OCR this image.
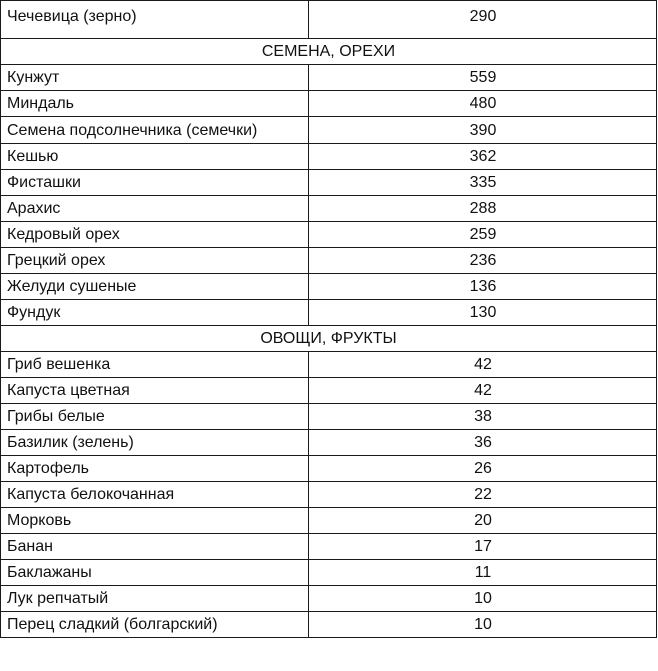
Чечевица (зерно)	290
СЕМЕНА, ОРЕХИ	
Кунжут	559
Миндаль	480
Семена подсолнечника (семечки)	390
Кешью	362
Фисташки	335
Арахис	288
Кедровый орех	259
Грецкий орех	236
Желуди сушеные	136
Фундук	130
ОВОЩИ, ФРУКТЫ	
Гриб вешенка	42
Капуста цветная	42
Грибы белые	38
Базилик (зелень)	36
Картофель	26
Капуста белокочанная	22
Морковь	20
Банан	17
Баклажаны	11
Лук репчатый	10
Перец сладкий (болгарский)	10
